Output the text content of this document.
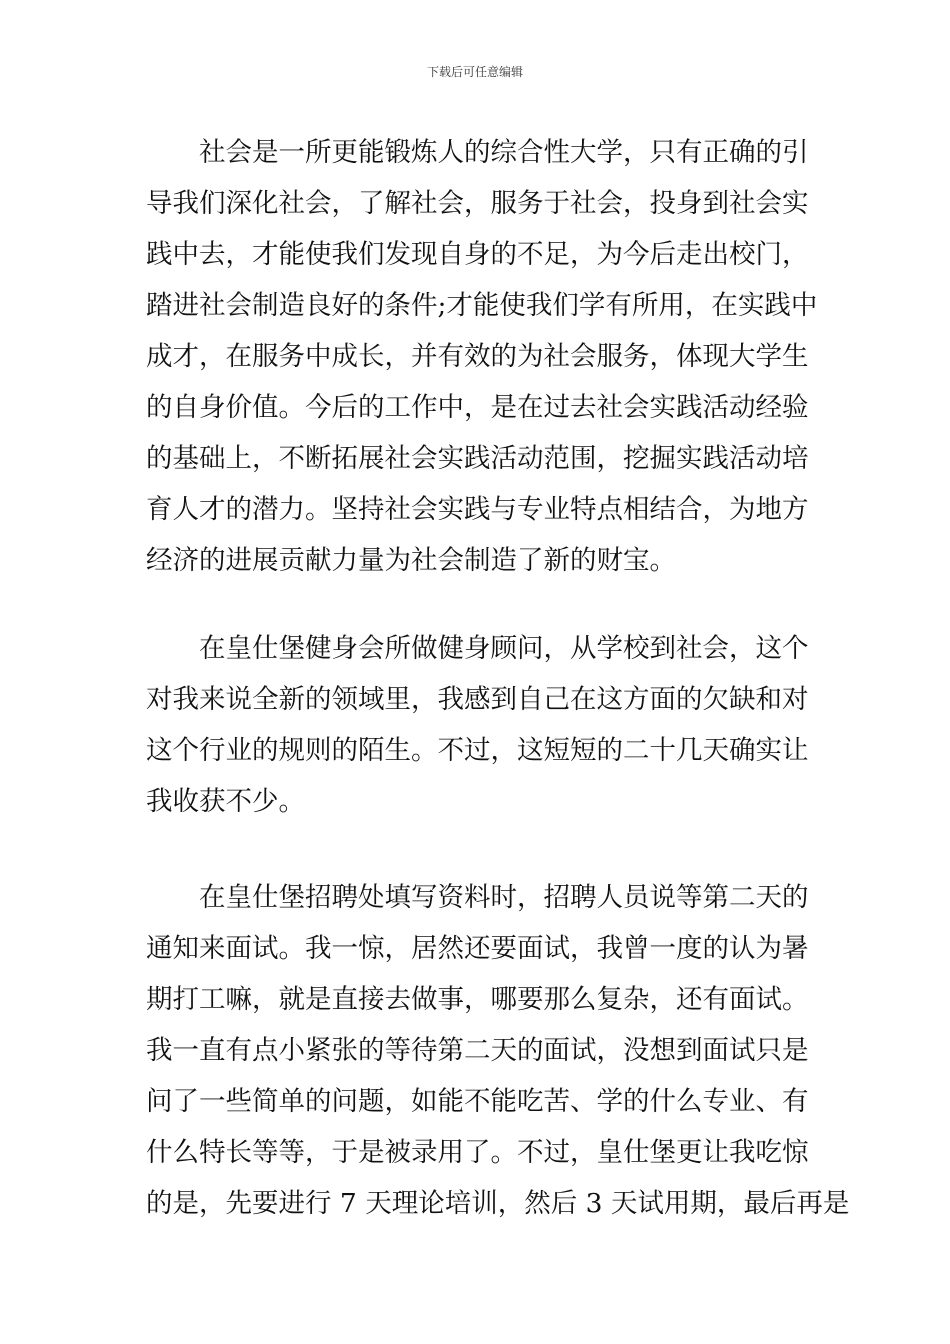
下载后可任意编辑

社会是一所更能锻炼人的综合性大学，只有正确的引
导我们深化社会，了解社会，服务于社会，投身到社会实
践中去，才能使我们发现自身的不足，为今后走出校门，
踏进社会制造良好的条件;才能使我们学有所用，在实践中
成才，在服务中成长，并有效的为社会服务，体现大学生
的自身价值。今后的工作中，是在过去社会实践活动经验
的基础上，不断拓展社会实践活动范围，挖掘实践活动培
育人才的潜力。坚持社会实践与专业特点相结合，为地方
经济的进展贡献力量为社会制造了新的财宝。

在皇仕堡健身会所做健身顾问，从学校到社会，这个
对我来说全新的领域里，我感到自己在这方面的欠缺和对
这个行业的规则的陌生。不过，这短短的二十几天确实让
我收获不少。

在皇仕堡招聘处填写资料时，招聘人员说等第二天的
通知来面试。我一惊，居然还要面试，我曾一度的认为暑
期打工嘛，就是直接去做事，哪要那么复杂，还有面试。
我一直有点小紧张的等待第二天的面试，没想到面试只是
问了一些简单的问题，如能不能吃苦、学的什么专业、有
什么特长等等，于是被录用了。不过，皇仕堡更让我吃惊
的是，先要进行 7 天理论培训，然后 3 天试用期，最后再是
